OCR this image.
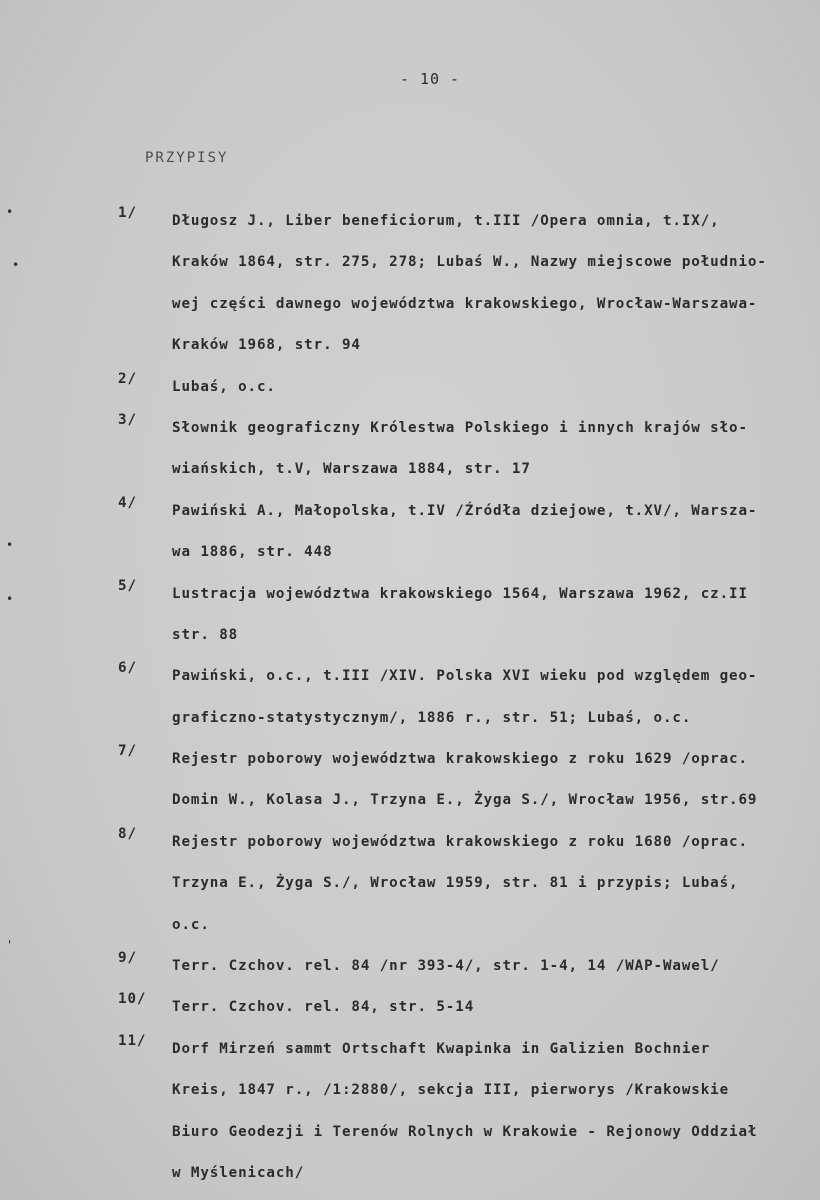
- 10 -
PRZYPISY
•
•
•
•
'
1/	Długosz J., Liber beneficiorum, t.III /Opera omnia, t.IX/,
Kraków 1864, str. 275, 278; Lubaś W., Nazwy miejscowe południo-
wej części dawnego województwa krakowskiego, Wrocław-Warszawa-
Kraków 1968, str. 94
2/	Lubaś, o.c.
3/	Słownik geograficzny Królestwa Polskiego i innych krajów sło-
wiańskich, t.V, Warszawa 1884, str. 17
4/	Pawiński A., Małopolska, t.IV /Źródła dziejowe, t.XV/, Warsza-
wa 1886, str. 448
5/	Lustracja województwa krakowskiego 1564, Warszawa 1962, cz.II
str. 88
6/	Pawiński, o.c., t.III /XIV. Polska XVI wieku pod względem geo-
graficzno-statystycznym/, 1886 r., str. 51; Lubaś, o.c.
7/	Rejestr poborowy województwa krakowskiego z roku 1629 /oprac.
Domin W., Kolasa J., Trzyna E., Żyga S./, Wrocław 1956, str.69
8/	Rejestr poborowy województwa krakowskiego z roku 1680 /oprac.
Trzyna E., Żyga S./, Wrocław 1959, str. 81 i przypis; Lubaś,
o.c.
9/	Terr. Czchov. rel. 84 /nr 393-4/, str. 1-4, 14 /WAP-Wawel/
10/	Terr. Czchov. rel. 84, str. 5-14
11/	Dorf Mirzeń sammt Ortschaft Kwapinka in Galizien Bochnier
Kreis, 1847 r., /1:2880/, sekcja III, pierworys /Krakowskie
Biuro Geodezji i Terenów Rolnych w Krakowie - Rejonowy Oddział
w Myślenicach/
